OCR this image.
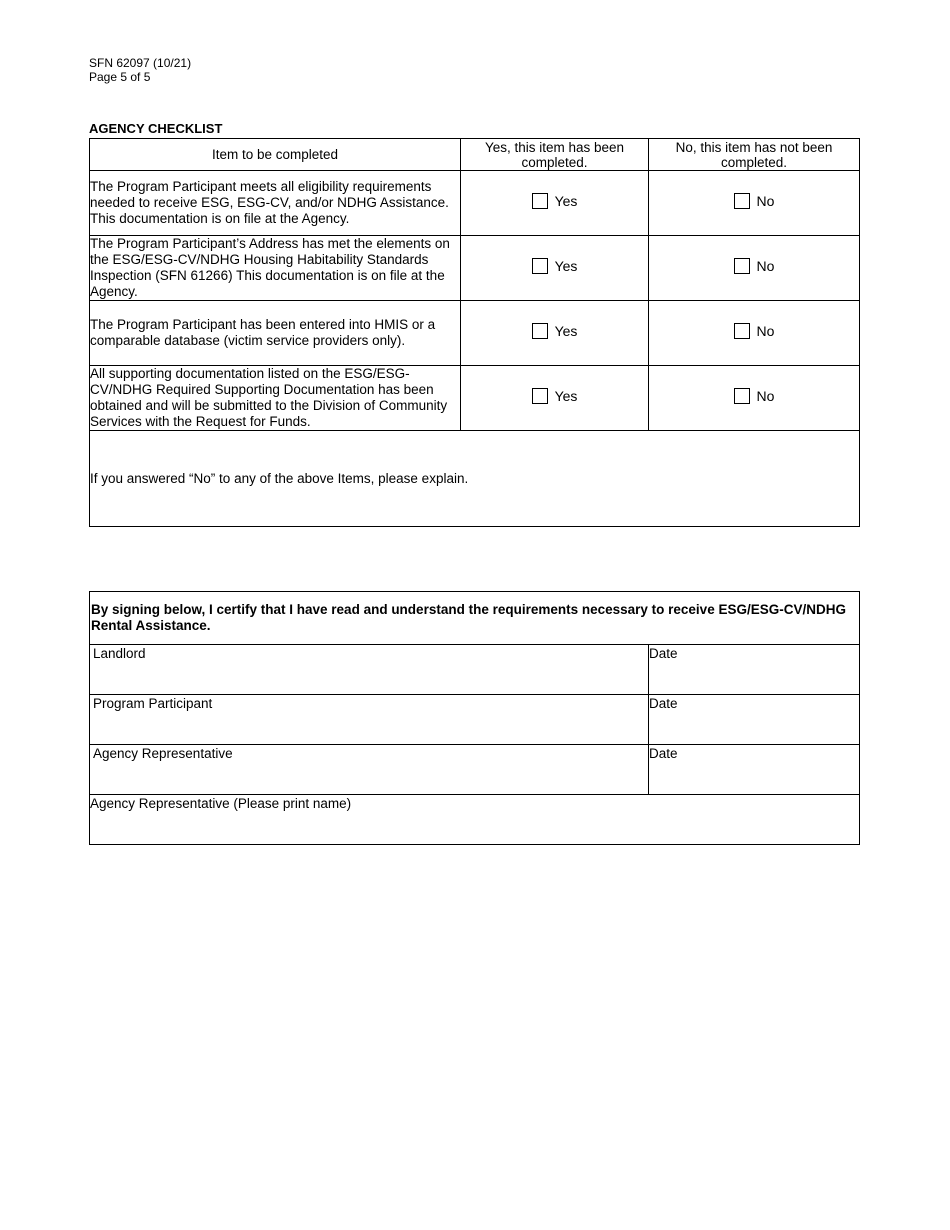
SFN 62097 (10/21)
Page 5 of 5
AGENCY CHECKLIST
Item to be completed	Yes, this item has been completed.	No, this item has not been completed.
The Program Participant meets all eligibility requirements needed to receive ESG, ESG-CV, and/or NDHG Assistance. This documentation is on file at the Agency.	Yes	No

The Program Participant’s Address has met the elements on the ESG/ESG-CV/NDHG Housing Habitability Standards Inspection (SFN 61266) This documentation is on file at the Agency.	Yes	No

The Program Participant has been entered into HMIS or a comparable database (victim service providers only).	Yes	No

All supporting documentation listed on the ESG/ESG-CV/NDHG Required Supporting Documentation has been obtained and will be submitted to the Division of Community Services with the Request for Funds.	Yes	No

If you answered “No” to any of the above Items, please explain.		
By signing below, I certify that I have read and understand the requirements necessary to receive ESG/ESG-CV/NDHG Rental Assistance.	
Landlord	Date
Program Participant	Date
Agency Representative	Date
Agency Representative (Please print name)	
